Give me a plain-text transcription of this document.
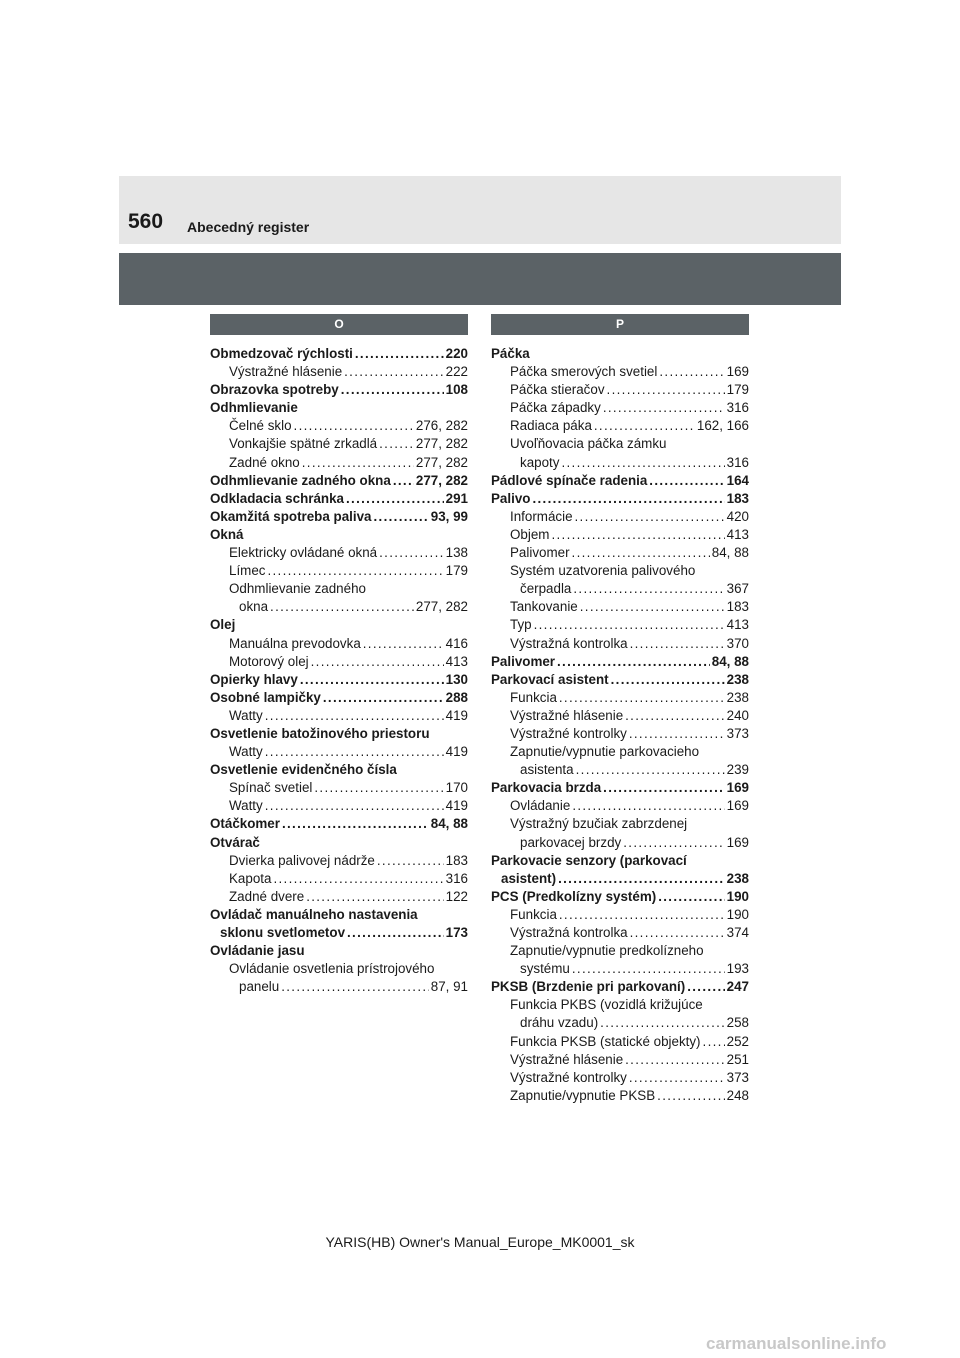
560 Abecedný register
O
Obmedzovač rýchlosti . . .	220
Výstražné hlásenie . . .	222
Obrazovka spotreby . . .	108
Odhmlievanie
Čelné sklo . . .	276, 282
Vonkajšie spätné zrkadlá . . .	277, 282
Zadné okno . . .	277, 282
Odhmlievanie zadného okna . . . 277, 282
Odkladacia schránka . . .	291
Okamžitá spotreba paliva . . .	93, 99
Okná
Elektricky ovládané okná . . .	138
Límec . . .	179
Odhmlievanie zadného
okna . . .	277, 282
Olej
Manuálna prevodovka . . .	416
Motorový olej . . .	413
Opierky hlavy . . .	130
Osobné lampičky . . .	288
Watty . . .	419
Osvetlenie batožinového priestoru
Watty . . .	419
Osvetlenie evidenčného čísla
Spínač svetiel . . .	170
Watty . . .	419
Otáčkomer . . .	84, 88
Otvárač
Dvierka palivovej nádrže . . .	183
Kapota . . .	316
Zadné dvere . . .	122
Ovládač manuálneho nastavenia
sklonu svetlometov . . .	173
Ovládanie jasu
Ovládanie osvetlenia prístrojového
panelu . . .	87, 91
P
Páčka
Páčka smerových svetiel . . .	169
Páčka stieračov . . .	179
Páčka západky . . .	316
Radiaca páka . . .	162, 166
Uvoľňovacia páčka zámku
kapoty . . .	316
Pádlové spínače radenia . . .	164
Palivo . . .	183
Informácie . . .	420
Objem . . .	413
Palivomer . . .	84, 88
Systém uzatvorenia palivového
čerpadla . . .	367
Tankovanie . . .	183
Typ . . .	413
Výstražná kontrolka . . .	370
Palivomer . . .	84, 88
Parkovací asistent . . .	238
Funkcia . . .	238
Výstražné hlásenie . . .	240
Výstražné kontrolky . . .	373
Zapnutie/vypnutie parkovacieho
asistenta . . .	239
Parkovacia brzda . . .	169
Ovládanie . . .	169
Výstražný bzučiak zabrzdenej
parkovacej brzdy . . .	169
Parkovacie senzory (parkovací
asistent) . . .	238
PCS (Predkolízny systém) . . .	190
Funkcia . . .	190
Výstražná kontrolka . . .	374
Zapnutie/vypnutie predkolízneho
systému . . .	193
PKSB (Brzdenie pri parkovaní) . . .	247
Funkcia PKBS (vozidlá križujúce
dráhu vzadu) . . .	258
Funkcia PKSB (statické objekty) . . . 252
Výstražné hlásenie . . .	251
Výstražné kontrolky . . .	373
Zapnutie/vypnutie PKSB . . .	248
YARIS(HB) Owner's Manual_Europe_MK0001_sk
carmanualsonline.info
